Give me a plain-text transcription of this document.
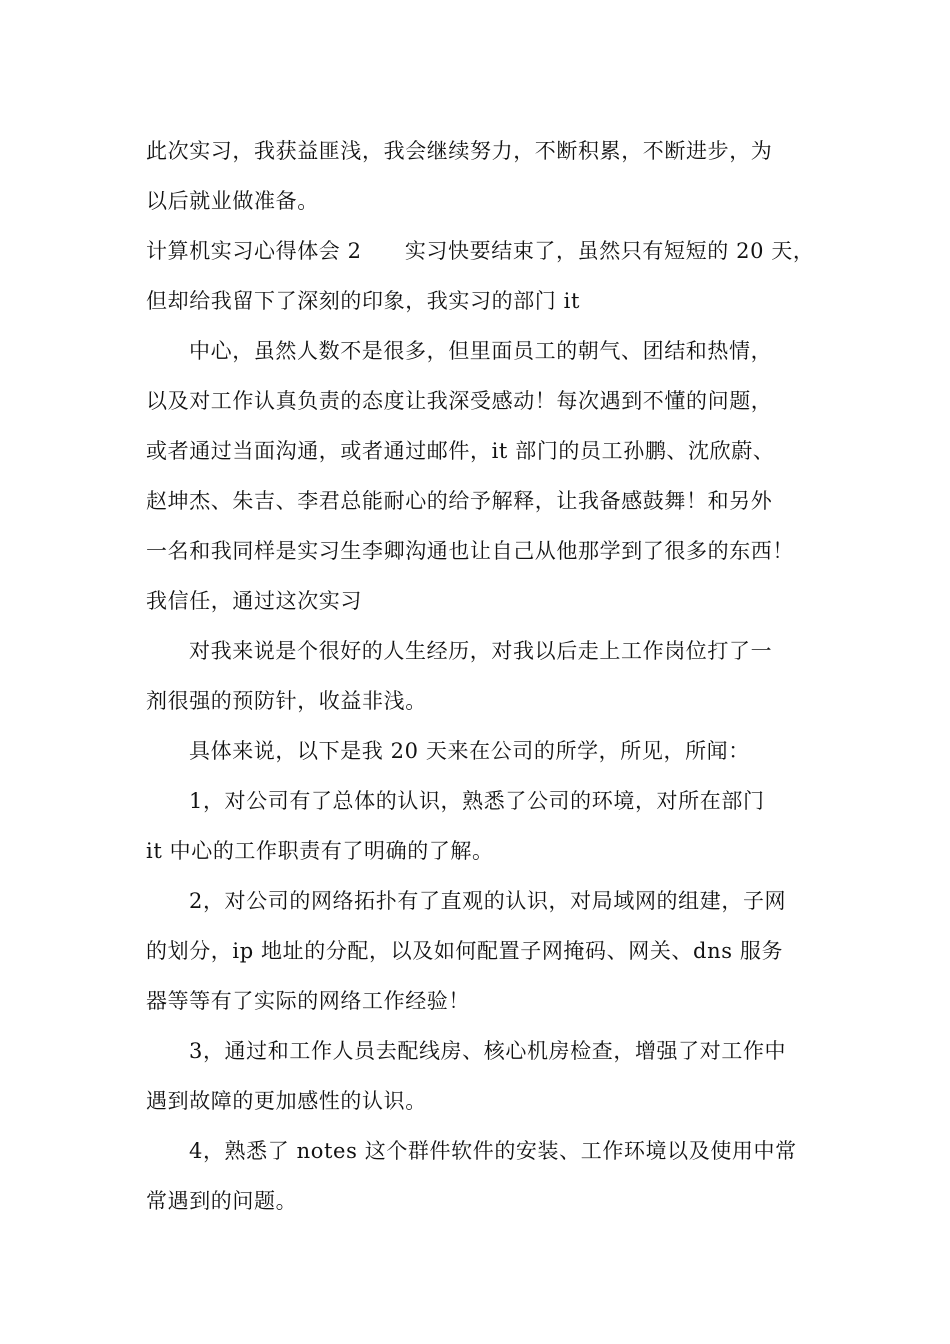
此次实习，我获益匪浅，我会继续努力，不断积累，不断进步，为
以后就业做准备。
计算机实习心得体会 2　　实习快要结束了，虽然只有短短的 20 天，
但却给我留下了深刻的印象，我实习的部门 it
中心，虽然人数不是很多，但里面员工的朝气、团结和热情，
以及对工作认真负责的态度让我深受感动！每次遇到不懂的问题，
或者通过当面沟通，或者通过邮件，it 部门的员工孙鹏、沈欣蔚、
赵坤杰、朱吉、李君总能耐心的给予解释，让我备感鼓舞！和另外
一名和我同样是实习生李卿沟通也让自己从他那学到了很多的东西！
我信任，通过这次实习
对我来说是个很好的人生经历，对我以后走上工作岗位打了一
剂很强的预防针，收益非浅。
具体来说，以下是我 20 天来在公司的所学，所见，所闻：
1，对公司有了总体的认识，熟悉了公司的环境，对所在部门
it 中心的工作职责有了明确的了解。
2，对公司的网络拓扑有了直观的认识，对局域网的组建，子网
的划分，ip 地址的分配，以及如何配置子网掩码、网关、dns 服务
器等等有了实际的网络工作经验！
3，通过和工作人员去配线房、核心机房检查，增强了对工作中
遇到故障的更加感性的认识。
4，熟悉了 notes 这个群件软件的安装、工作环境以及使用中常
常遇到的问题。
